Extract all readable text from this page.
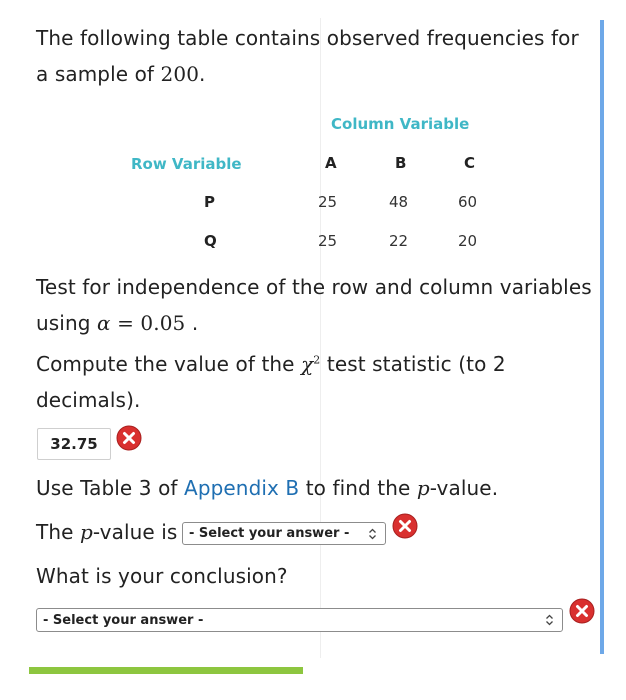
The following table contains observed frequencies for
a sample of 200.
Column Variable
Row Variable	A	B	C
P	25	48	60
Q	25	22	20
Test for independence of the row and column variables
using α = 0.05 .
Compute the value of the $\chi^2$ test statistic (to 2
decimals).
32.75
Use Table 3 of Appendix B to find the p-value.
The p-value is - Select your answer -
What is your conclusion?
- Select your answer -
